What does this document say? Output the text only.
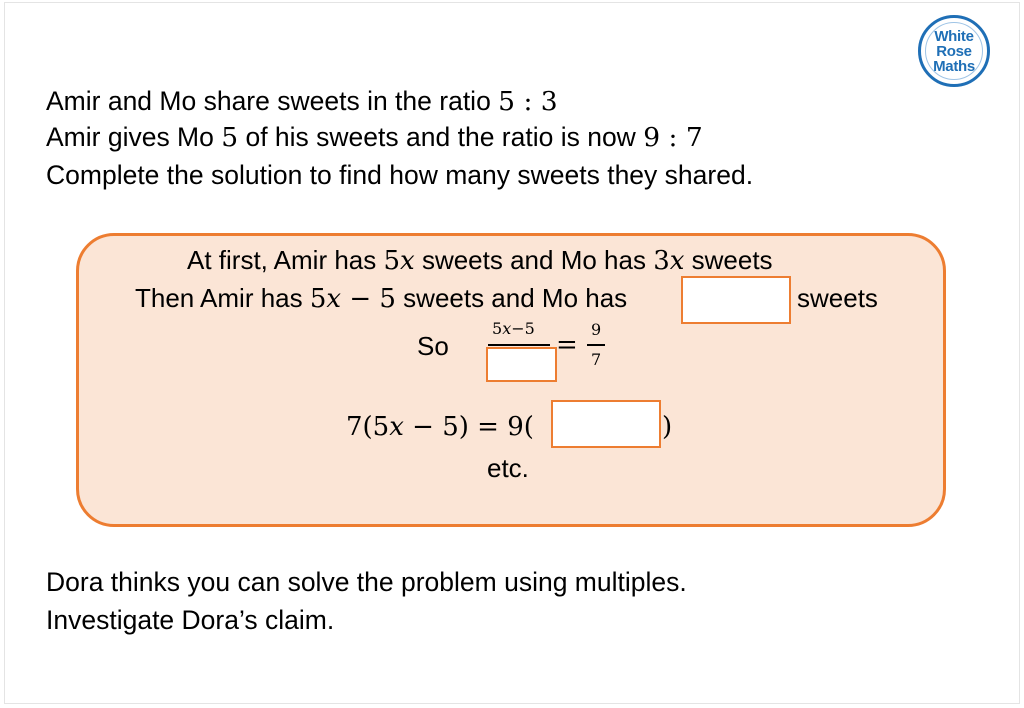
White
Rose
Maths
Amir and Mo share sweets in the ratio 5 : 3
Amir gives Mo 5 of his sweets and the ratio is now 9 : 7
Complete the solution to find how many sweets they shared.
At first, Amir has 5x sweets and Mo has 3x sweets
Then Amir has 5x − 5 sweets and Mo has	sweets
So
5x−5
=
9
7
7(5x − 5) = 9(	)
etc.
Dora thinks you can solve the problem using multiples.
Investigate Dora’s claim.
